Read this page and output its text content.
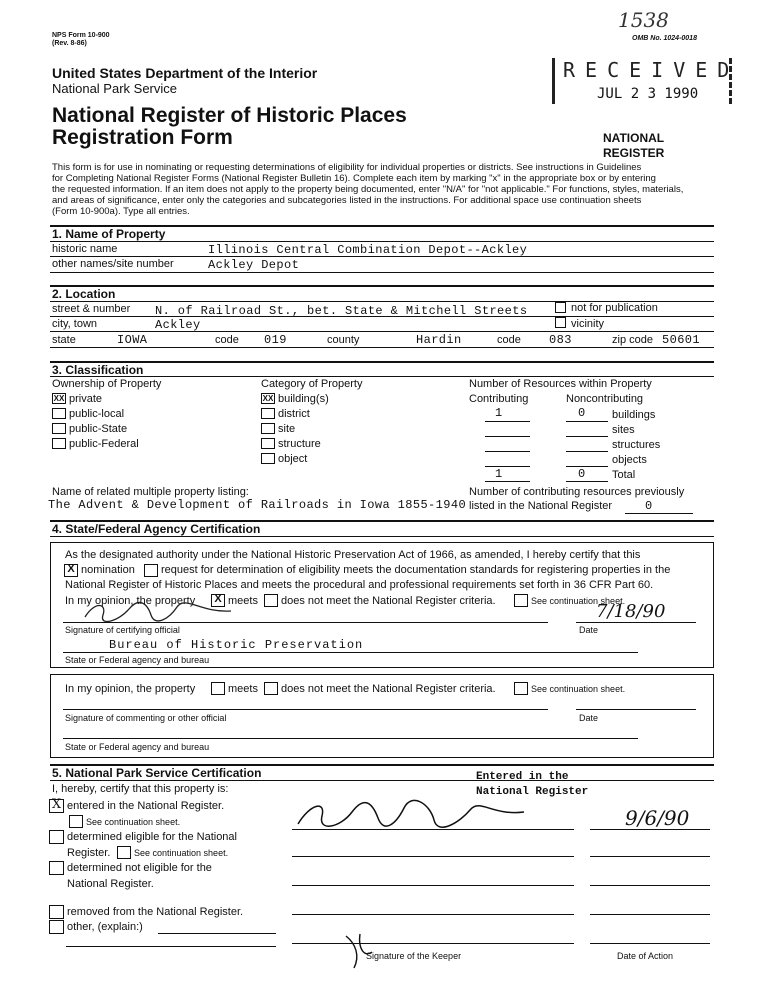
NPS Form 10-900
(Rev. 8-86)
OMB No. 1024-0018
1538
United States Department of the Interior
National Park Service
National Register of Historic Places
Registration Form
RECEIVED
JUL 2 3 1990
NATIONAL
REGISTER
This form is for use in nominating or requesting determinations of eligibility for individual properties or districts. See instructions in Guidelines
for Completing National Register Forms (National Register Bulletin 16). Complete each item by marking "x" in the appropriate box or by entering
the requested information. If an item does not apply to the property being documented, enter "N/A" for "not applicable." For functions, styles, materials,
and areas of significance, enter only the categories and subcategories listed in the instructions. For additional space use continuation sheets
(Form 10-900a). Type all entries.
1. Name of Property
historic name	Illinois Central Combination Depot--Ackley
other names/site number	Ackley Depot
2. Location
street & number N. of Railroad St., bet. State & Mitchell Streets	not for publication
city, town	Ackley	vicinity
state	IOWA	code 019	county	Hardin	code 083	zip code 50601
3. Classification
Ownership of Property
XX private
public-local
public-State
public-Federal
Category of Property
XX building(s)
district
site
structure
object
Number of Resources within Property
Contributing	Noncontributing
1	0 buildings
sites
structures
objects
1	0 Total
Name of related multiple property listing:
The Advent & Development of Railroads in Iowa 1855-1940
Number of contributing resources previously
listed in the National Register	0
4. State/Federal Agency Certification
As the designated authority under the National Historic Preservation Act of 1966, as amended, I hereby certify that this
X nomination request for determination of eligibility meets the documentation standards for registering properties in the
National Register of Historic Places and meets the procedural and professional requirements set forth in 36 CFR Part 60.
In my opinion, the property	X meets does not meet the National Register criteria.	See continuation sheet.
7/18/90
Signature of certifying official	Date
Bureau of Historic Preservation
State or Federal agency and bureau
In my opinion, the property	meets does not meet the National Register criteria.	See continuation sheet.
Signature of commenting or other official	Date
State or Federal agency and bureau
5. National Park Service Certification
I, hereby, certify that this property is:
X entered in the National Register.
See continuation sheet.
determined eligible for the National
Register.	See continuation sheet.
determined not eligible for the
National Register.
removed from the National Register.
other, (explain:)
Entered in the
National Register
9/6/90
Signature of the Keeper	Date of Action
